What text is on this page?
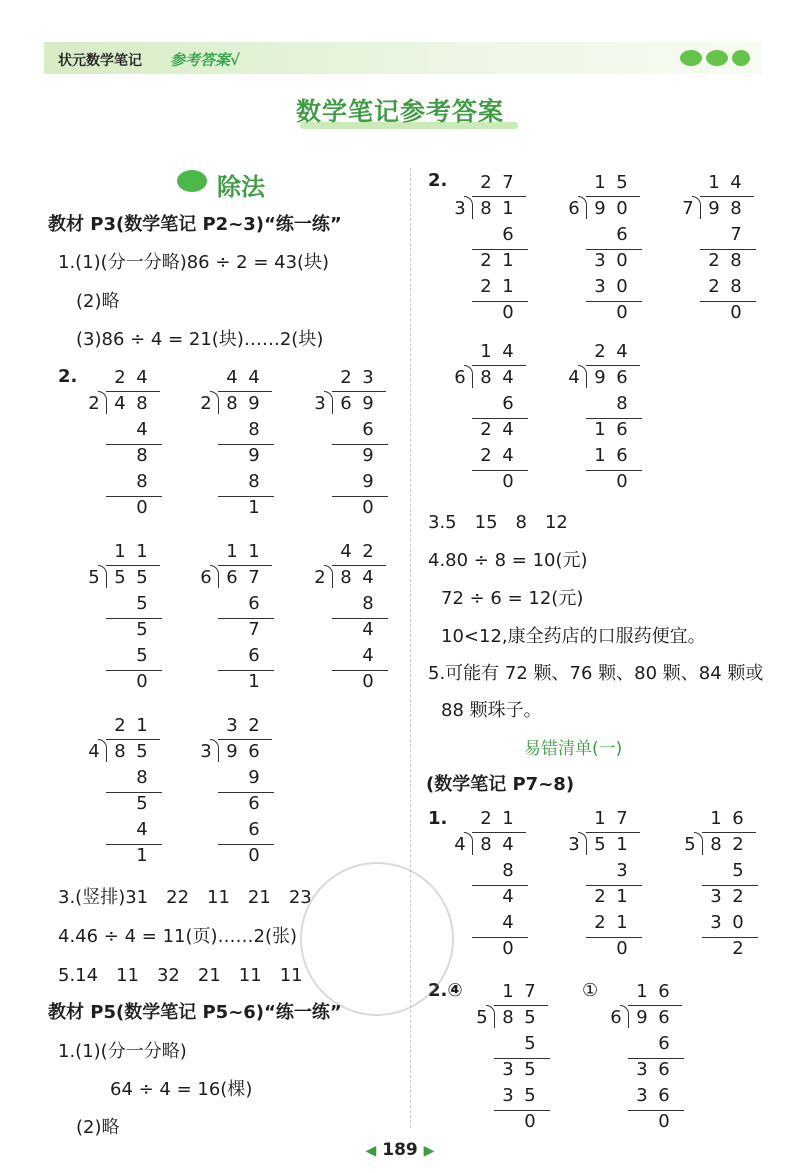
状元数学笔记 参考答案√
数学笔记参考答案
除法
教材 P3(数学笔记 P2~3)“练一练”
1.(1)(分一分略)86 ÷ 2 = 43(块)
(2)略
(3)86 ÷ 4 = 21(块)……2(块)
2. 2 4
2 4 8
4
8
8
0
4 4
2 8 9
8
9
8
1
2 3
3 6 9
6
9
9
0
1 1
5 5 5
5
5
5
0
1 1
6 6 7
6
7
6
1
4 2
2 8 4
8
4
4
0
2 1
4 8 5
8
5
4
1
3 2
3 9 6
9
6
6
0
3.(竖排)31　22　11　21　23
4.46 ÷ 4 = 11(页)……2(张)
5.14　11　32　21　11　11
教材 P5(数学笔记 P5~6)“练一练”
1.(1)(分一分略)
64 ÷ 4 = 16(棵)
(2)略
2. 2 7
3 8 1
6
2 1
2 1
0
1 5
6 9 0
6
3 0
3 0
0
1 4
7 9 8
7
2 8
2 8
0
1 4
6 8 4
6
2 4
2 4
0
2 4
4 9 6
8
1 6
1 6
0
3.5　15　8　12
4.80 ÷ 8 = 10(元)
72 ÷ 6 = 12(元)
10<12,康全药店的口服药便宜。
5.可能有 72 颗、76 颗、80 颗、84 颗或
88 颗珠子。
易错清单(一)
(数学笔记 P7~8)
1.
2.④	①
2 1
4 8 4
8
4
4
0
1 7
3 5 1
3
2 1
2 1
0
1 6
5 8 2
5
3 2
3 0
2
1 7
5 8 5
5
3 5
3 5
0
1 6
6 9 6
6
3 6
3 6
0
◀ 189 ▶
